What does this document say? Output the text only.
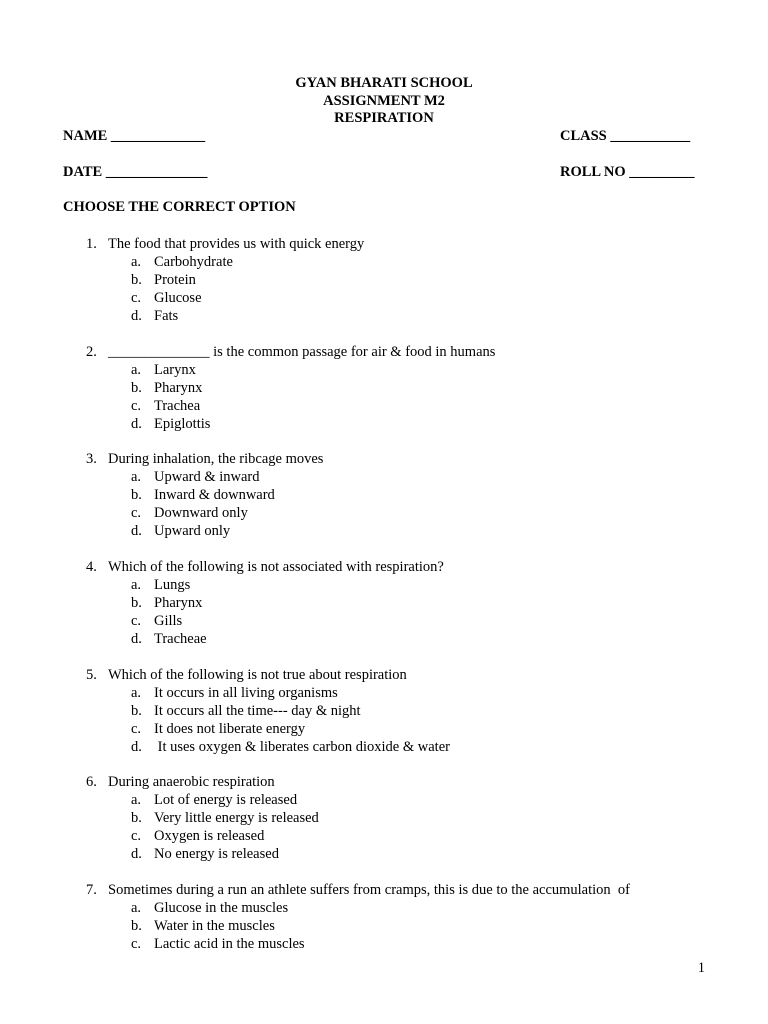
GYAN BHARATI SCHOOL
ASSIGNMENT M2
RESPIRATION
NAME _____________	CLASS ___________
DATE ______________	ROLL NO _________
CHOOSE THE CORRECT OPTION
1. The food that provides us with quick energy
a. Carbohydrate
b. Protein
c. Glucose
d. Fats
2. ______________ is the common passage for air & food in humans
a. Larynx
b. Pharynx
c. Trachea
d. Epiglottis
3. During inhalation, the ribcage moves
a. Upward & inward
b. Inward & downward
c. Downward only
d. Upward only
4. Which of the following is not associated with respiration?
a. Lungs
b. Pharynx
c. Gills
d. Tracheae
5. Which of the following is not true about respiration
a. It occurs in all living organisms
b. It occurs all the time--- day & night
c. It does not liberate energy
d. It uses oxygen & liberates carbon dioxide & water
6. During anaerobic respiration
a. Lot of energy is released
b. Very little energy is released
c. Oxygen is released
d. No energy is released
7. Sometimes during a run an athlete suffers from cramps, this is due to the accumulation  of
a. Glucose in the muscles
b. Water in the muscles
c. Lactic acid in the muscles
1
